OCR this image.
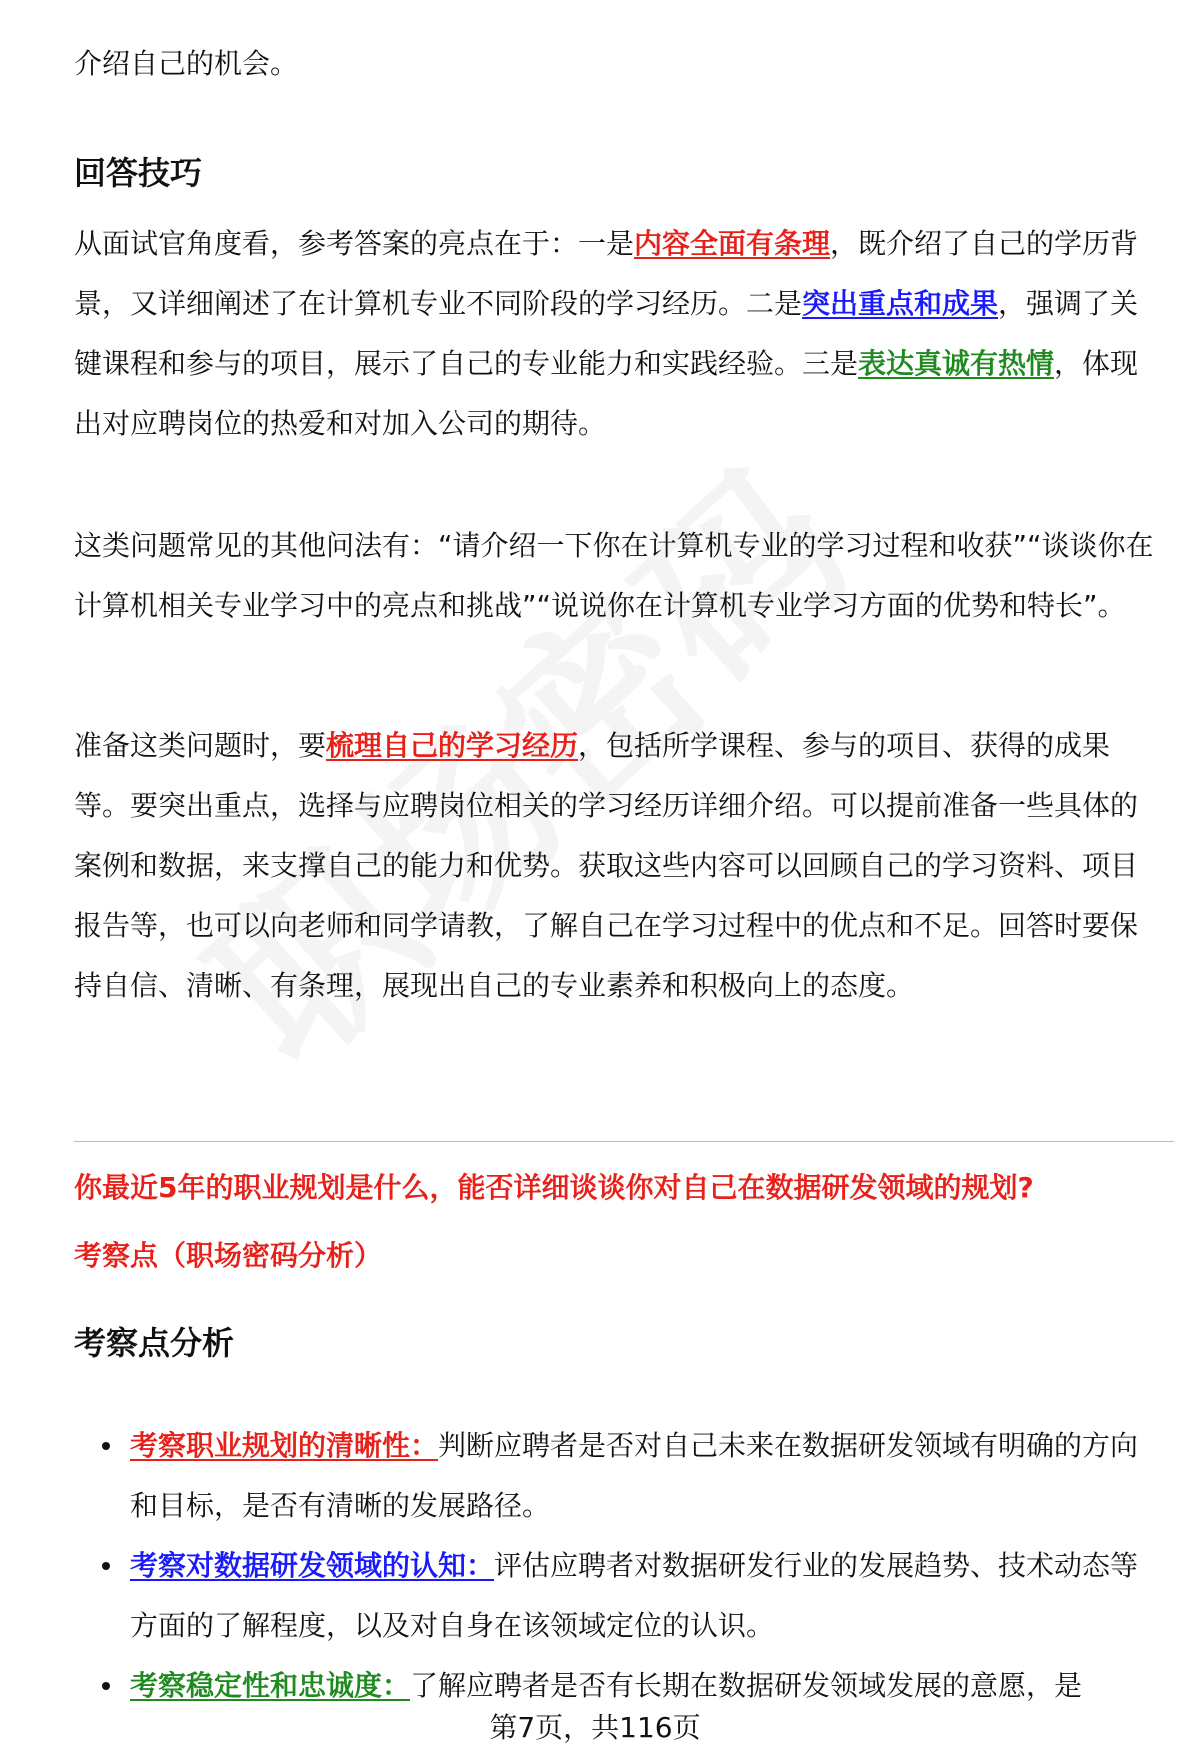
介绍自己的机会。

回答技巧

从面试官角度看，参考答案的亮点在于：一是内容全面有条理，既介绍了自己的学历背景，又详细阐述了在计算机专业不同阶段的学习经历。二是突出重点和成果，强调了关键课程和参与的项目，展示了自己的专业能力和实践经验。三是表达真诚有热情，体现出对应聘岗位的热爱和对加入公司的期待。

这类问题常见的其他问法有：“请介绍一下你在计算机专业的学习过程和收获”“谈谈你在计算机相关专业学习中的亮点和挑战”“说说你在计算机专业学习方面的优势和特长”。

准备这类问题时，要梳理自己的学习经历，包括所学课程、参与的项目、获得的成果等。要突出重点，选择与应聘岗位相关的学习经历详细介绍。可以提前准备一些具体的案例和数据，来支撑自己的能力和优势。获取这些内容可以回顾自己的学习资料、项目报告等，也可以向老师和同学请教，了解自己在学习过程中的优点和不足。回答时要保持自信、清晰、有条理，展现出自己的专业素养和积极向上的态度。

你最近5年的职业规划是什么，能否详细谈谈你对自己在数据研发领域的规划?

考察点（职场密码分析）

考察点分析
考察职业规划的清晰性：判断应聘者是否对自己未来在数据研发领域有明确的方向和目标，是否有清晰的发展路径。
考察对数据研发领域的认知：评估应聘者对数据研发行业的发展趋势、技术动态等方面的了解程度，以及对自身在该领域定位的认识。
考察稳定性和忠诚度：了解应聘者是否有长期在数据研发领域发展的意愿，是
第7页，共116页
